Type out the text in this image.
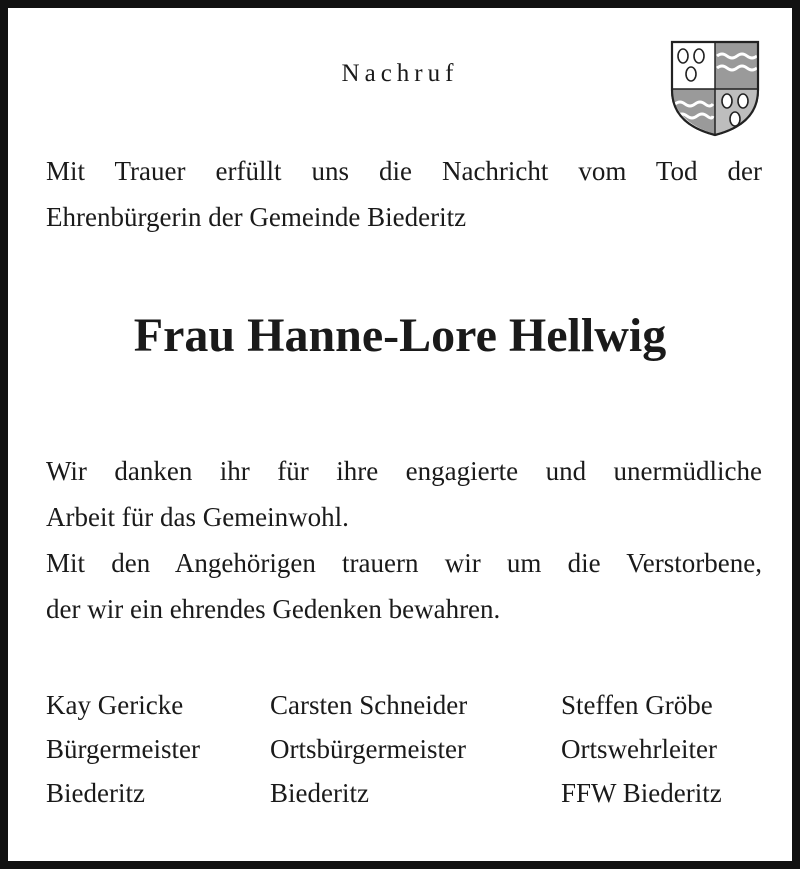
Nachruf
Mit Trauer erfüllt uns die Nachricht vom Tod der
Ehrenbürgerin der Gemeinde Biederitz
Frau Hanne-Lore Hellwig
Wir danken ihr für ihre engagierte und unermüdliche
Arbeit für das Gemeinwohl.
Mit den Angehörigen trauern wir um die Verstorbene,
der wir ein ehrendes Gedenken bewahren.
Kay Gericke
Bürgermeister
Biederitz
Carsten Schneider
Ortsbürgermeister
Biederitz
Steffen Gröbe
Ortswehrleiter
FFW Biederitz
